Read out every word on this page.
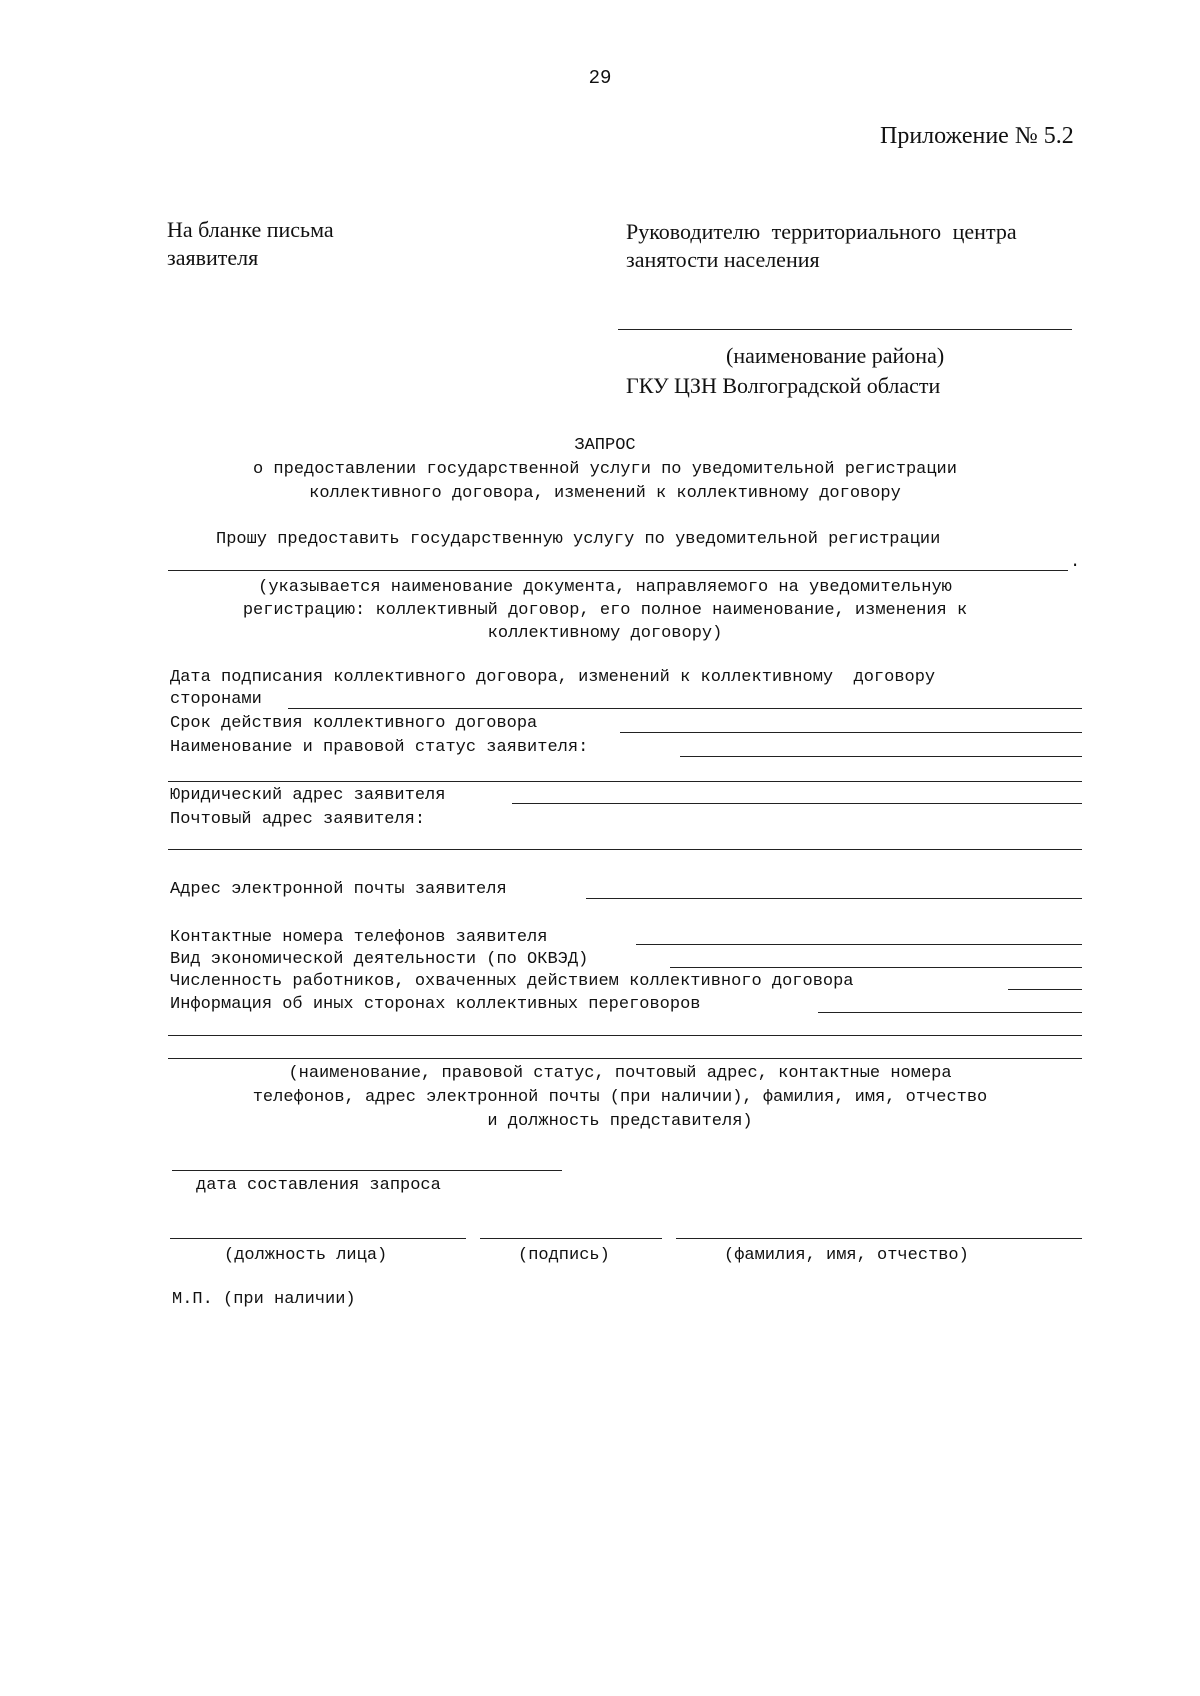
29
Приложение № 5.2
На бланке письма
заявителя
Руководителю территориального центра
занятости населения
(наименование района)
ГКУ ЦЗН Волгоградской области
ЗАПРОС
о предоставлении государственной услуги по уведомительной регистрации
коллективного договора, изменений к коллективному договору
Прошу предоставить государственную услугу по уведомительной регистрации
.
(указывается наименование документа, направляемого на уведомительную
регистрацию: коллективный договор, его полное наименование, изменения к
коллективному договору)
Дата подписания коллективного договора, изменений к коллективному  договору
сторонами
Срок действия коллективного договора
Наименование и правовой статус заявителя:
Юридический адрес заявителя
Почтовый адрес заявителя:
Адрес электронной почты заявителя
Контактные номера телефонов заявителя
Вид экономической деятельности (по ОКВЭД)
Численность работников, охваченных действием коллективного договора
Информация об иных сторонах коллективных переговоров
(наименование, правовой статус, почтовый адрес, контактные номера
телефонов, адрес электронной почты (при наличии), фамилия, имя, отчество
и должность представителя)
дата составления запроса
(должность лица)	(подпись)	(фамилия, имя, отчество)
М.П. (при наличии)
